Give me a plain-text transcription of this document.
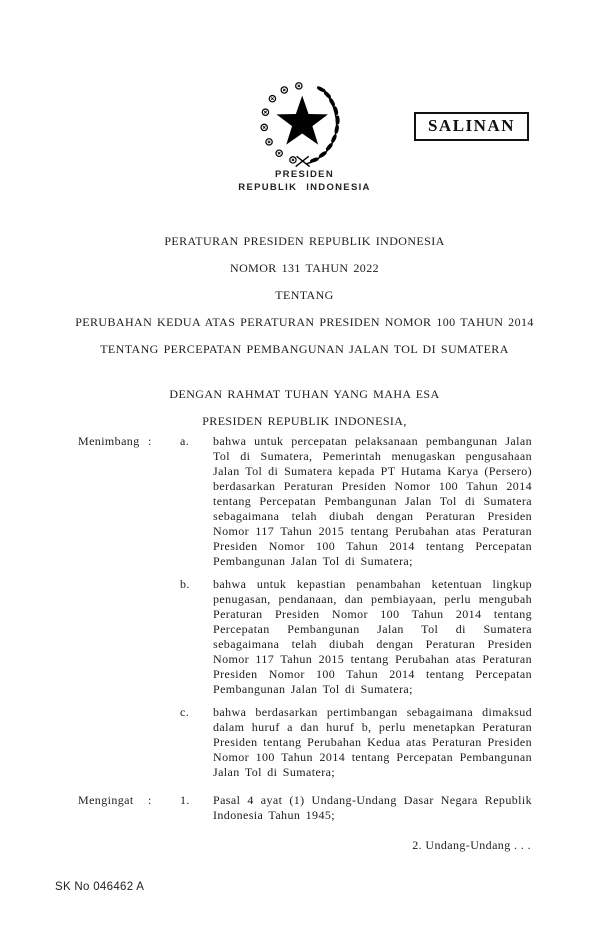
SALINAN
PRESIDEN
REPUBLIK INDONESIA
PERATURAN PRESIDEN REPUBLIK INDONESIA
NOMOR 131 TAHUN 2022
TENTANG
PERUBAHAN KEDUA ATAS PERATURAN PRESIDEN NOMOR 100 TAHUN 2014
TENTANG PERCEPATAN PEMBANGUNAN JALAN TOL DI SUMATERA
DENGAN RAHMAT TUHAN YANG MAHA ESA
PRESIDEN REPUBLIK INDONESIA,
Menimbang :	a.	bahwa untuk percepatan pelaksanaan pembangunan Jalan Tol di Sumatera, Pemerintah menugaskan pengusahaan Jalan Tol di Sumatera kepada PT Hutama Karya (Persero) berdasarkan Peraturan Presiden Nomor 100 Tahun 2014 tentang Percepatan Pembangunan Jalan Tol di Sumatera sebagaimana telah diubah dengan Peraturan Presiden Nomor 117 Tahun 2015 tentang Perubahan atas Peraturan Presiden Nomor 100 Tahun 2014 tentang Percepatan Pembangunan Jalan Tol di Sumatera;
b.	bahwa untuk kepastian penambahan ketentuan lingkup penugasan, pendanaan, dan pembiayaan, perlu mengubah Peraturan Presiden Nomor 100 Tahun 2014 tentang Percepatan Pembangunan Jalan Tol di Sumatera sebagaimana telah diubah dengan Peraturan Presiden Nomor 117 Tahun 2015 tentang Perubahan atas Peraturan Presiden Nomor 100 Tahun 2014 tentang Percepatan Pembangunan Jalan Tol di Sumatera;
c.	bahwa berdasarkan pertimbangan sebagaimana dimaksud dalam huruf a dan huruf b, perlu menetapkan Peraturan Presiden tentang Perubahan Kedua atas Peraturan Presiden Nomor 100 Tahun 2014 tentang Percepatan Pembangunan Jalan Tol di Sumatera;
Mengingat	:	1.	Pasal 4 ayat (1) Undang-Undang Dasar Negara Republik Indonesia Tahun 1945;
2. Undang-Undang . . .
SK No 046462 A
